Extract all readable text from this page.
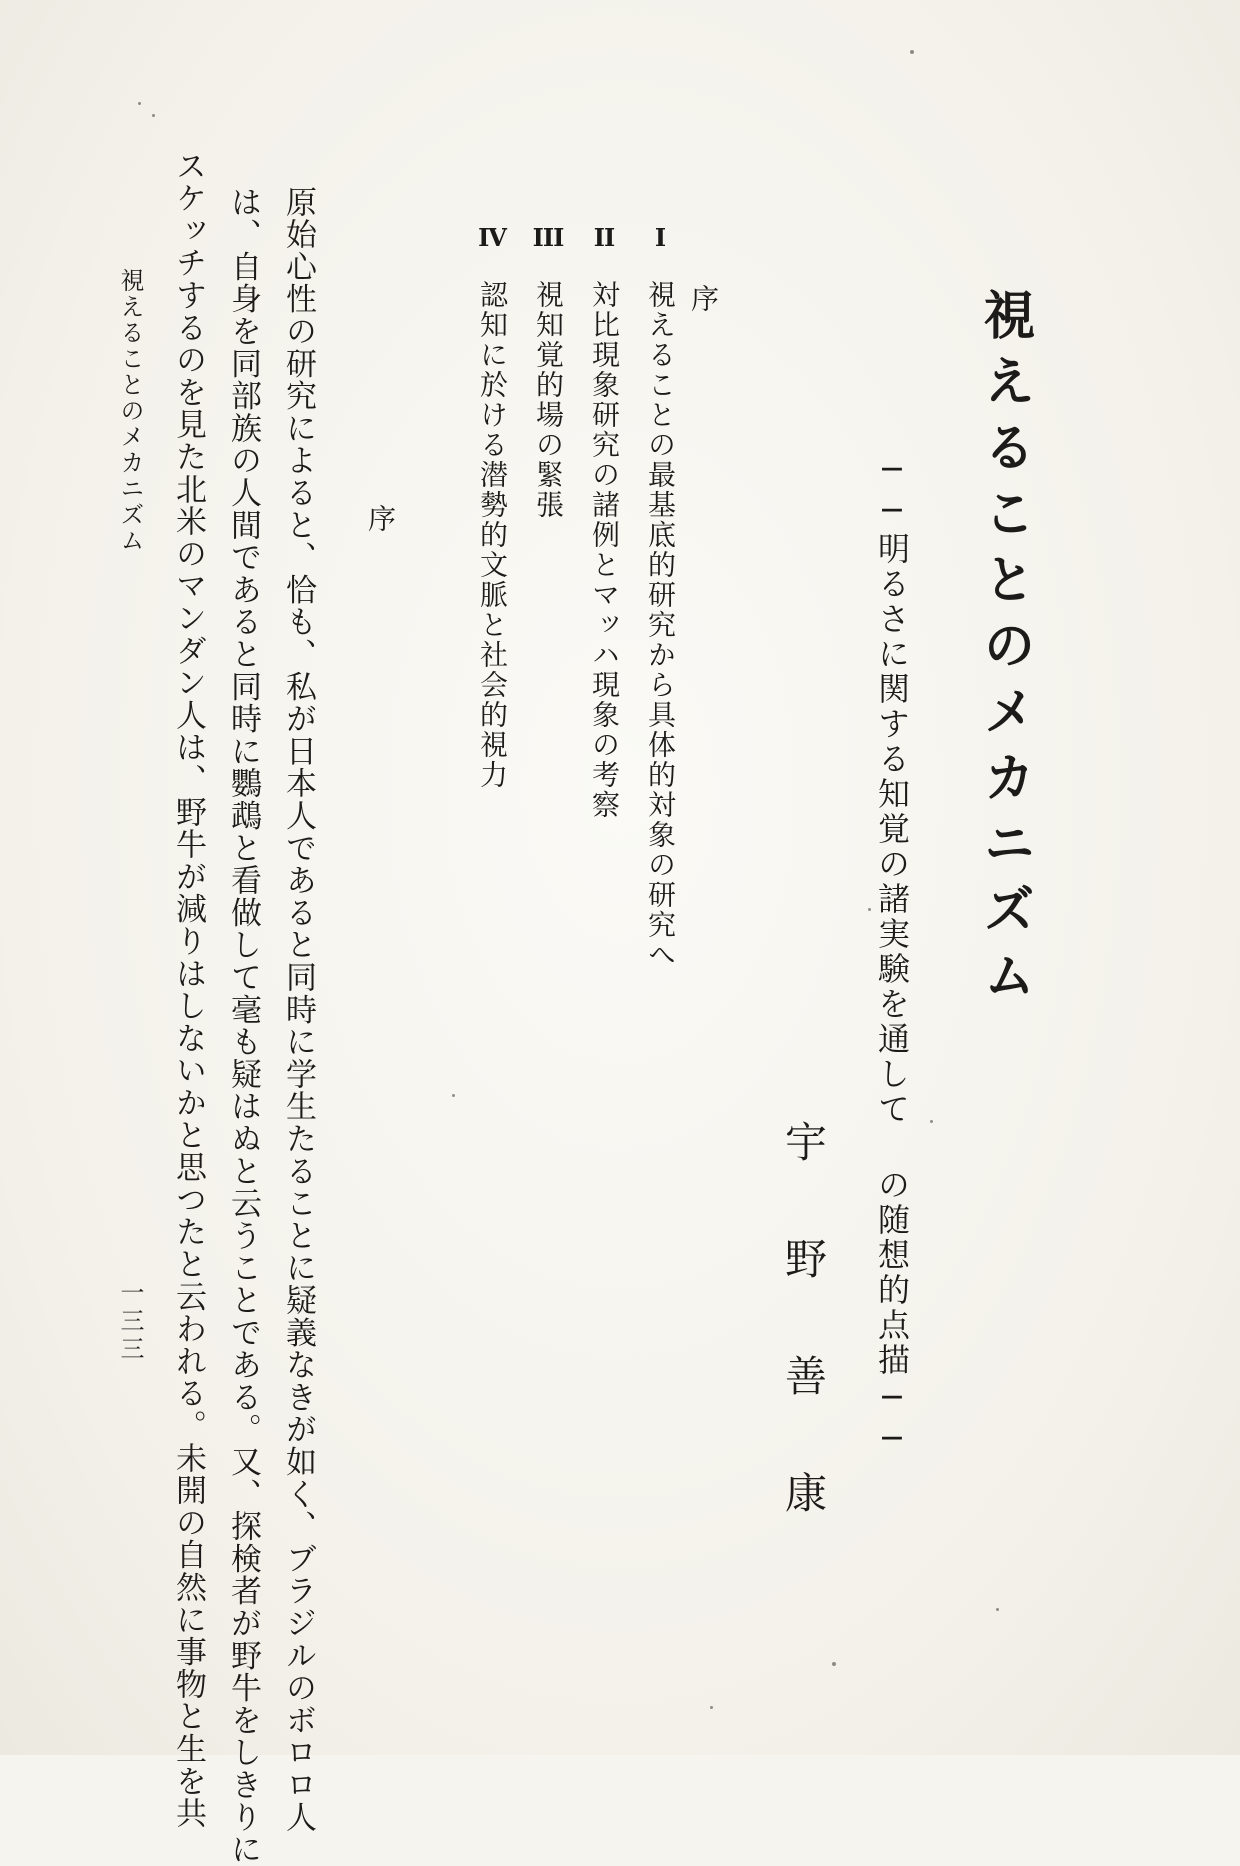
視えることのメカニズム
──明るさに関する知覚の諸実験を通して の随想的点描──
宇野善康
序
I
視えることの最基底的研究から具体的対象の研究へ
II
対比現象研究の諸例とマッハ現象の考察
III
視知覚的場の緊張
IV
認知に於ける潜勢的文脈と社会的視力
序

原始心性の研究によると、恰も、私が日本人であると同時に学生たることに疑義なきが如く、ブラジルのボロロ人

は、自身を同部族の人間であると同時に鸚鵡と看做して毫も疑はぬと云うことである。又、探検者が野牛をしきりに

スケッチするのを見た北米のマンダン人は、野牛が減りはしないかと思つたと云われる。未開の自然に事物と生を共

視えることのメカニズム
一三三
